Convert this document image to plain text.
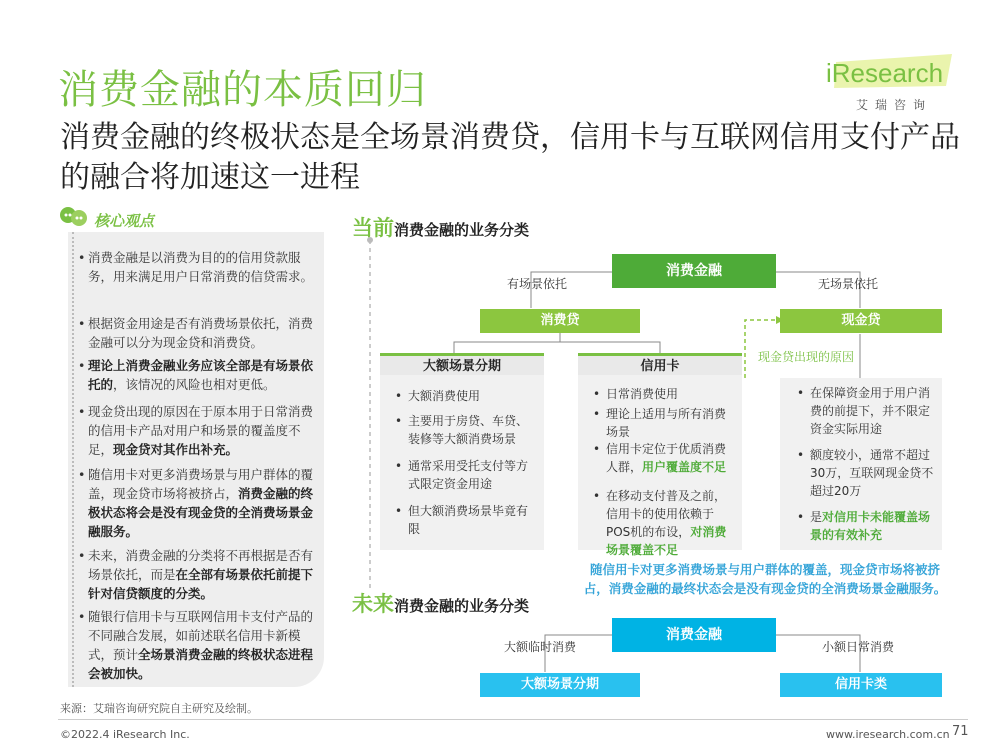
消费金融的本质回归
消费金融的终极状态是全场景消费贷，信用卡与互联网信用支付产品的融合将加速这一进程
iResearch
艾瑞咨询
核心观点
• 消费金融是以消费为目的的信用贷款服务，用来满足用户日常消费的信贷需求。
• 根据资金用途是否有消费场景依托，消费金融可以分为现金贷和消费贷。
• 理论上消费金融业务应该全部是有场景依托的，该情况的风险也相对更低。
• 现金贷出现的原因在于原本用于日常消费的信用卡产品对用户和场景的覆盖度不足，现金贷对其作出补充。
• 随信用卡对更多消费场景与用户群体的覆盖，现金贷市场将被挤占，消费金融的终极状态将会是没有现金贷的全消费场景金融服务。
• 未来，消费金融的分类将不再根据是否有场景依托，而是在全部有场景依托前提下针对信贷额度的分类。
• 随银行信用卡与互联网信用卡支付产品的不同融合发展，如前述联名信用卡新模式，预计全场景消费金融的终极状态进程会被加快。
当前消费金融的业务分类
消费金融
有场景依托	无场景依托
消费贷	现金贷
现金贷出现的原因
大额场景分期
• 大额消费使用
• 主要用于房贷、车贷、装修等大额消费场景
• 通常采用受托支付等方式限定资金用途
• 但大额消费场景毕竟有限
信用卡
• 日常消费使用
• 理论上适用与所有消费场景
• 信用卡定位于优质消费人群，用户覆盖度不足
• 在移动支付普及之前，信用卡的使用依赖于POS机的布设，对消费场景覆盖不足
• 在保障资金用于用户消费的前提下，并不限定资金实际用途
• 额度较小，通常不超过30万，互联网现金贷不超过20万
• 是对信用卡未能覆盖场景的有效补充
随信用卡对更多消费场景与用户群体的覆盖，现金贷市场将被挤占，消费金融的最终状态会是没有现金贷的全消费场景金融服务。
未来消费金融的业务分类
消费金融
大额临时消费	小额日常消费
大额场景分期	信用卡类
来源：艾瑞咨询研究院自主研究及绘制。
©2022.4 iResearch Inc.	www.iresearch.com.cn 71
